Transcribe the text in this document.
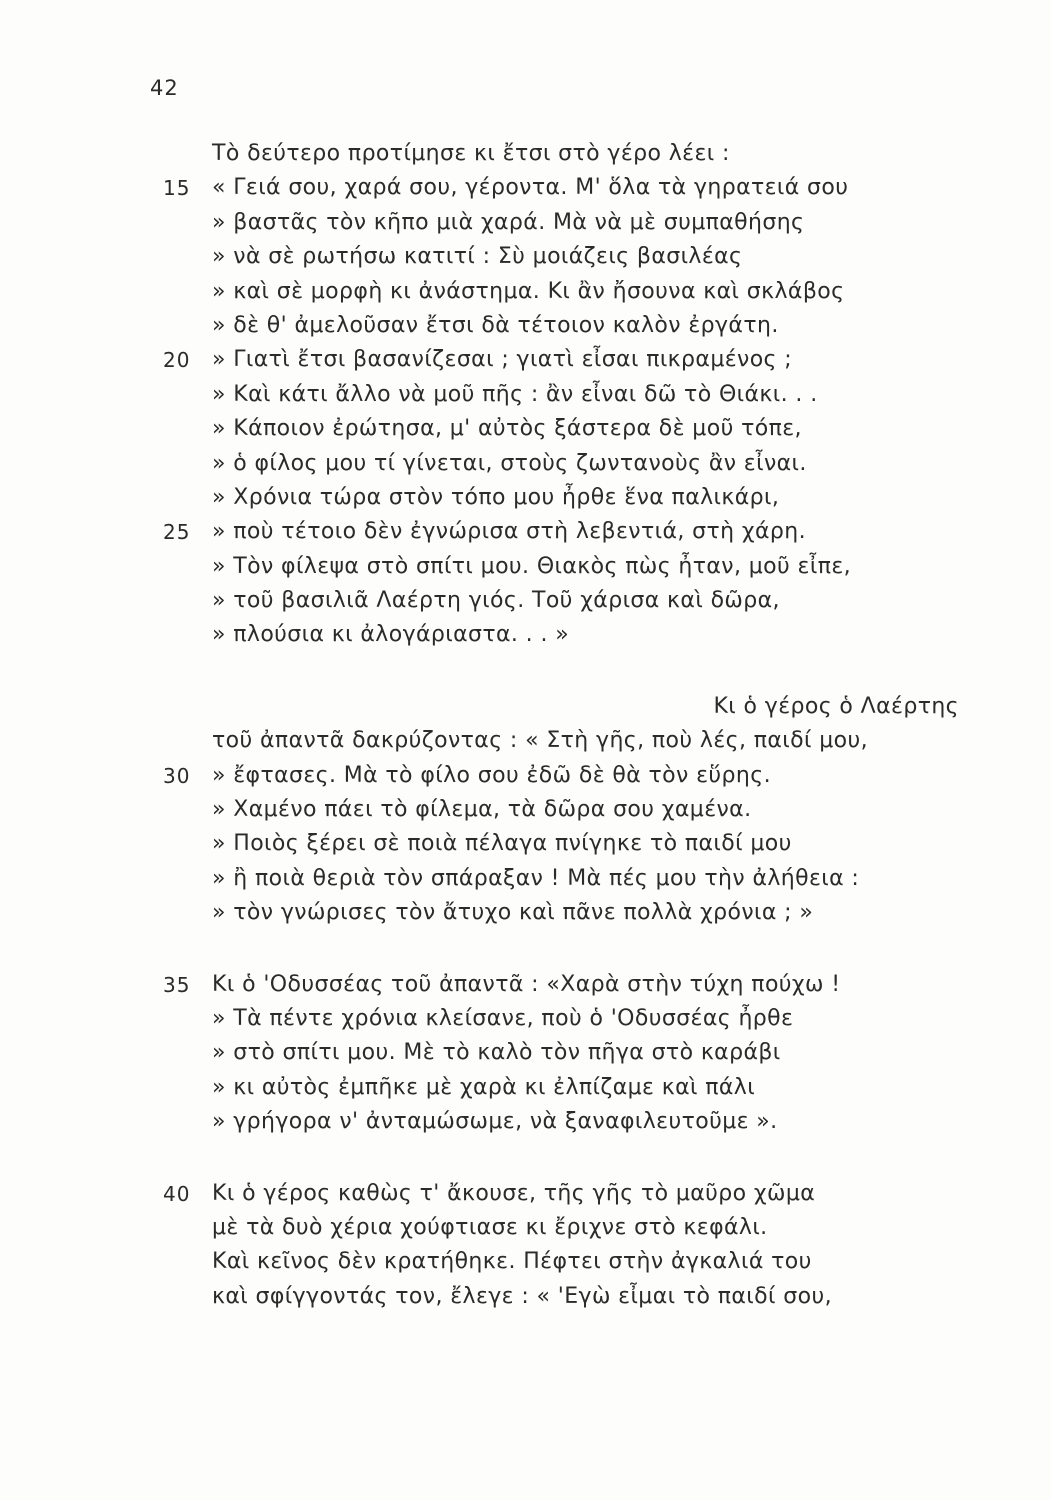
42
Τὸ δεύτερο προτίμησε κι ἔτσι στὸ γέρο λέει :
15 « Γειά σου, χαρά σου, γέροντα. Μ' ὅλα τὰ γηρατειά σου
» βαστᾶς τὸν κῆπο μιὰ χαρά. Μὰ νὰ μὲ συμπαθήσης
» νὰ σὲ ρωτήσω κατιτί : Σὺ μοιάζεις βασιλέας
» καὶ σὲ μορφὴ κι ἀνάστημα. Κι ἂν ἤσουνα καὶ σκλάβος
» δὲ θ' ἀμελοῦσαν ἔτσι δὰ τέτοιον καλὸν ἐργάτη.
20 » Γιατὶ ἔτσι βασανίζεσαι ; γιατὶ εἶσαι πικραμένος ;
» Καὶ κάτι ἄλλο νὰ μοῦ πῆς : ἂν εἶναι δῶ τὸ Θιάκι. . .
» Κάποιον ἐρώτησα, μ' αὐτὸς ξάστερα δὲ μοῦ τόπε,
» ὁ φίλος μου τί γίνεται, στοὺς ζωντανοὺς ἂν εἶναι.
» Χρόνια τώρα στὸν τόπο μου ἦρθε ἕνα παλικάρι,
25 » ποὺ τέτοιο δὲν ἐγνώρισα στὴ λεβεντιά, στὴ χάρη.
» Τὸν φίλεψα στὸ σπίτι μου. Θιακὸς πὼς ἦταν, μοῦ εἶπε,
» τοῦ βασιλιᾶ Λαέρτη γιός. Τοῦ χάρισα καὶ δῶρα,
» πλούσια κι ἀλογάριαστα. . . »
Κι ὁ γέρος ὁ Λαέρτης
τοῦ ἀπαντᾶ δακρύζοντας : « Στὴ γῆς, ποὺ λές, παιδί μου,
30 » ἔφτασες. Μὰ τὸ φίλο σου ἐδῶ δὲ θὰ τὸν εὕρης.
» Χαμένο πάει τὸ φίλεμα, τὰ δῶρα σου χαμένα.
» Ποιὸς ξέρει σὲ ποιὰ πέλαγα πνίγηκε τὸ παιδί μου
» ἢ ποιὰ θεριὰ τὸν σπάραξαν ! Μὰ πές μου τὴν ἀλήθεια :
» τὸν γνώρισες τὸν ἄτυχο καὶ πᾶνε πολλὰ χρόνια ; »
35 Κι ὁ 'Οδυσσέας τοῦ ἀπαντᾶ : «Χαρὰ στὴν τύχη πούχω !
» Τὰ πέντε χρόνια κλείσανε, ποὺ ὁ 'Οδυσσέας ἦρθε
» στὸ σπίτι μου. Μὲ τὸ καλὸ τὸν πῆγα στὸ καράβι
» κι αὐτὸς ἐμπῆκε μὲ χαρὰ κι ἐλπίζαμε καὶ πάλι
» γρήγορα ν' ἀνταμώσωμε, νὰ ξαναφιλευτοῦμε ».
40 Κι ὁ γέρος καθὼς τ' ἄκουσε, τῆς γῆς τὸ μαῦρο χῶμα
μὲ τὰ δυὸ χέρια χούφτιασε κι ἔριχνε στὸ κεφάλι.
Καὶ κεῖνος δὲν κρατήθηκε. Πέφτει στὴν ἀγκαλιά του
καὶ σφίγγοντάς τον, ἔλεγε : « 'Εγὼ εἶμαι τὸ παιδί σου,
